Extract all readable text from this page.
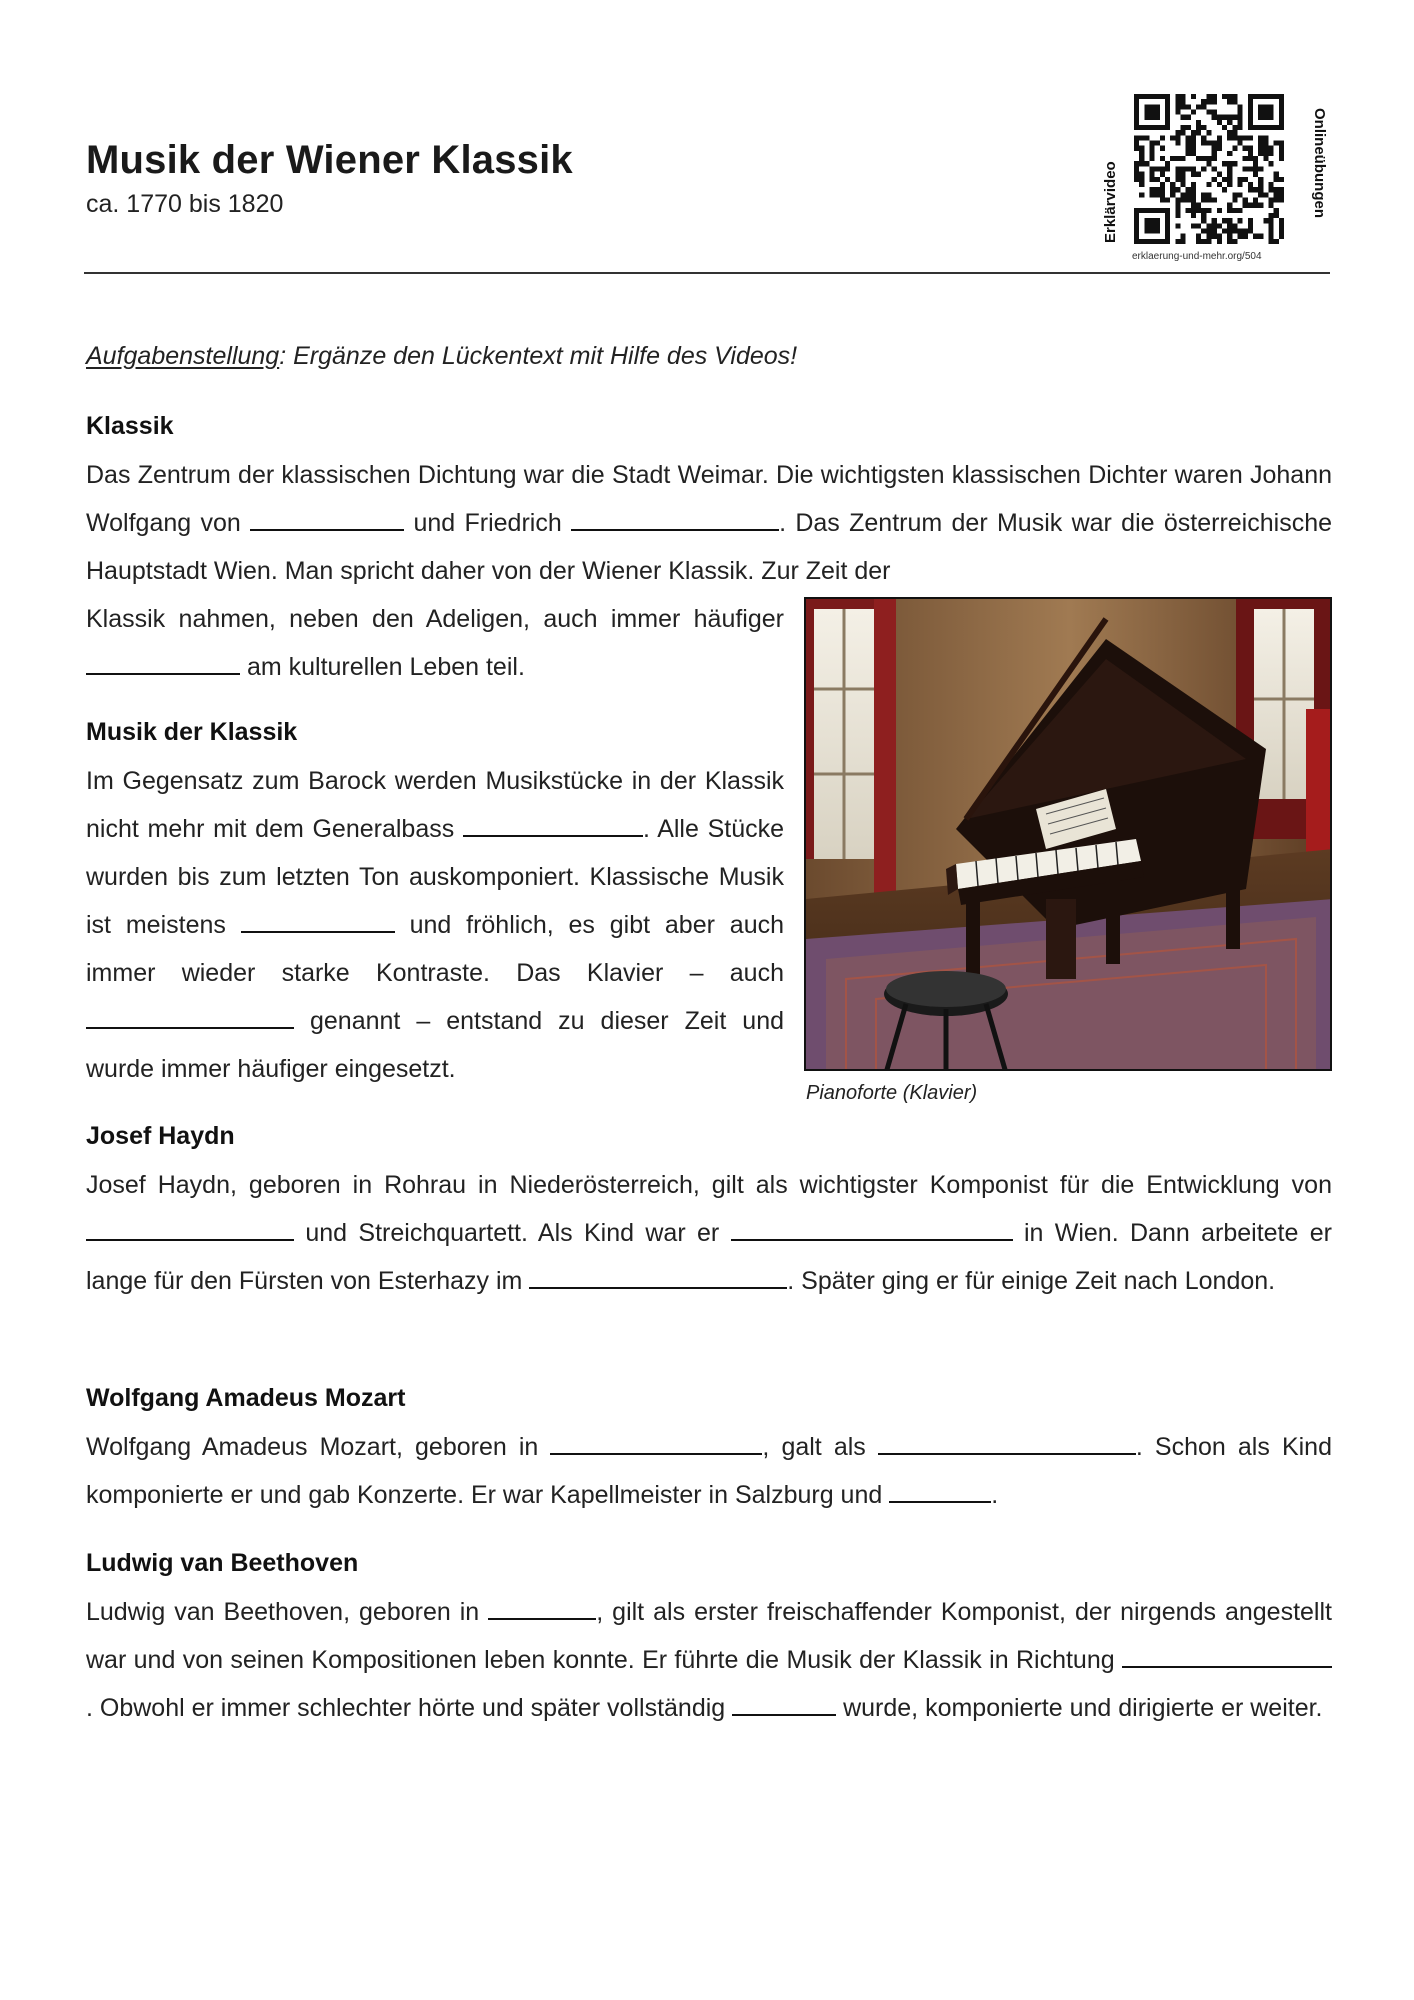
Musik der Wiener Klassik
ca. 1770 bis 1820	Erklärvideo	Onlineübungen
erklaerung-und-mehr.org/504
Aufgabenstellung: Ergänze den Lückentext mit Hilfe des Videos!
Klassik
Das Zentrum der klassischen Dichtung war die Stadt Weimar. Die wichtigsten klassischen Dichter waren Johann Wolfgang von	und Friedrich	. Das Zentrum der Musik war die österreichische Hauptstadt Wien. Man spricht daher von der Wiener Klassik. Zur Zeit der
Klassik nahmen, neben den Adeligen, auch immer häufiger  am kulturellen Leben teil.
Musik der Klassik
Im Gegensatz zum Barock werden Musikstücke in der Klassik nicht mehr mit dem Generalbass	. Alle Stücke wurden bis zum letzten Ton auskomponiert. Klassische Musik ist meistens	und fröhlich, es gibt aber auch immer wieder starke Kontraste. Das Klavier – auch  genannt – entstand zu dieser Zeit und wurde immer häufiger eingesetzt.
Pianoforte (Klavier)
Josef Haydn
Josef Haydn, geboren in Rohrau in Niederösterreich, gilt als wichtigster Komponist für die Entwicklung von  und Streichquartett. Als Kind war er	in Wien. Dann arbeitete er lange für den Fürsten von Esterhazy im	. Später ging er für einige Zeit nach London.
Wolfgang Amadeus Mozart
Wolfgang Amadeus Mozart, geboren in	, galt als	. Schon als Kind komponierte er und gab Konzerte. Er war Kapellmeister in Salzburg und	.
Ludwig van Beethoven
Ludwig van Beethoven, geboren in	, gilt als erster freischaffender Komponist, der nirgends angestellt war und von seinen Kompositionen leben konnte. Er führte die Musik der Klassik in Richtung . Obwohl er immer schlechter hörte und später vollständig	wurde, komponierte und dirigierte er weiter.
